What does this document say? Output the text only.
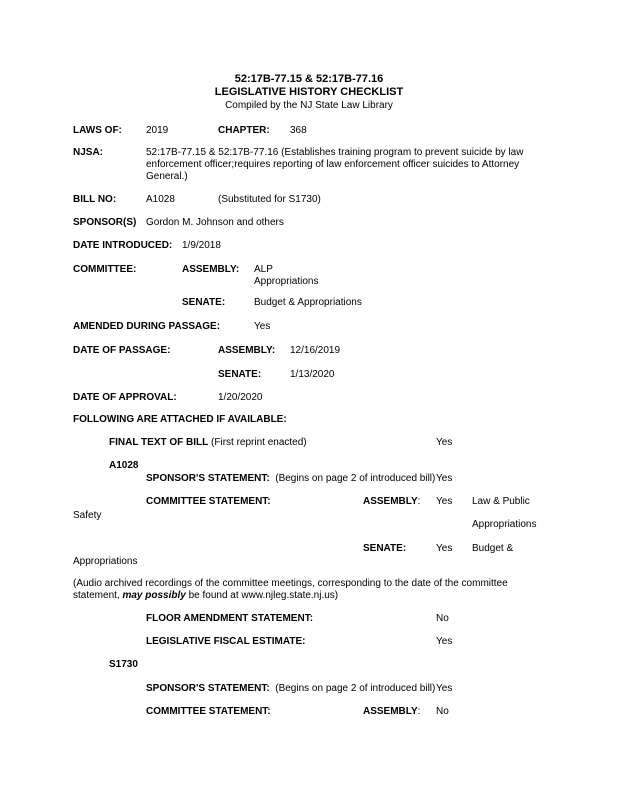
52:17B-77.15 & 52:17B-77.16
LEGISLATIVE HISTORY CHECKLIST
Compiled by the NJ State Law Library
LAWS OF: 2019	CHAPTER: 368
NJSA:	52:17B-77.15 & 52:17B-77.16 (Establishes training program to prevent suicide by law enforcement officer;requires reporting of law enforcement officer suicides to Attorney General.)
BILL NO:	A1028	(Substituted for S1730)
SPONSOR(S) Gordon M. Johnson and others
DATE INTRODUCED: 1/9/2018
COMMITTEE:	ASSEMBLY: ALP
Appropriations
SENATE:	Budget & Appropriations
AMENDED DURING PASSAGE:	Yes
DATE OF PASSAGE:	ASSEMBLY: 12/16/2019
SENATE:	1/13/2020
DATE OF APPROVAL:	1/20/2020
FOLLOWING ARE ATTACHED IF AVAILABLE:
FINAL TEXT OF BILL (First reprint enacted)	Yes
A1028
SPONSOR'S STATEMENT: (Begins on page 2 of introduced bill) Yes
COMMITTEE STATEMENT:	ASSEMBLY: Yes Law & Public
Safety
Appropriations
SENATE:	Yes Budget &
Appropriations
(Audio archived recordings of the committee meetings, corresponding to the date of the committee
statement, may possibly be found at www.njleg.state.nj.us)
FLOOR AMENDMENT STATEMENT:	No
LEGISLATIVE FISCAL ESTIMATE:	Yes
S1730
SPONSOR'S STATEMENT: (Begins on page 2 of introduced bill) Yes
COMMITTEE STATEMENT:	ASSEMBLY: No
